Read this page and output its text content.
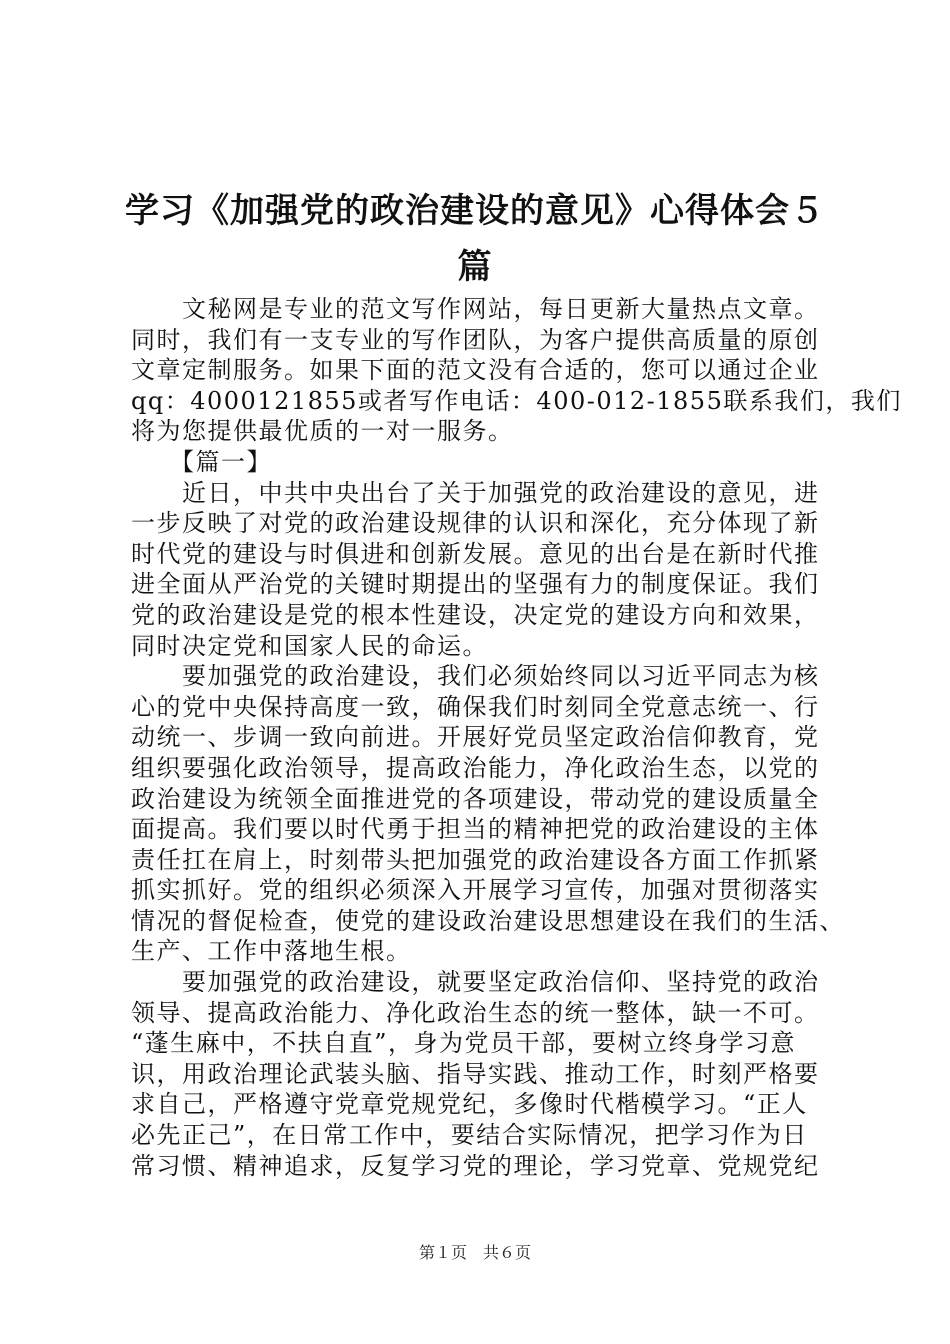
学习《加强党的政治建设的意见》心得体会５
篇
　　文秘网是专业的范文写作网站，每日更新大量热点文章。
同时，我们有一支专业的写作团队，为客户提供高质量的原创
文章定制服务。如果下面的范文没有合适的，您可以通过企业
qq：4000121855或者写作电话：400-012-1855联系我们，我们
将为您提供最优质的一对一服务。
　　【篇一】
　　近日，中共中央出台了关于加强党的政治建设的意见，进
一步反映了对党的政治建设规律的认识和深化，充分体现了新
时代党的建设与时俱进和创新发展。意见的出台是在新时代推
进全面从严治党的关键时期提出的坚强有力的制度保证。我们
党的政治建设是党的根本性建设，决定党的建设方向和效果，
同时决定党和国家人民的命运。
　　要加强党的政治建设，我们必须始终同以习近平同志为核
心的党中央保持高度一致，确保我们时刻同全党意志统一、行
动统一、步调一致向前进。开展好党员坚定政治信仰教育，党
组织要强化政治领导，提高政治能力，净化政治生态，以党的
政治建设为统领全面推进党的各项建设，带动党的建设质量全
面提高。我们要以时代勇于担当的精神把党的政治建设的主体
责任扛在肩上，时刻带头把加强党的政治建设各方面工作抓紧
抓实抓好。党的组织必须深入开展学习宣传，加强对贯彻落实
情况的督促检查，使党的建设政治建设思想建设在我们的生活、
生产、工作中落地生根。
　　要加强党的政治建设，就要坚定政治信仰、坚持党的政治
领导、提高政治能力、净化政治生态的统一整体，缺一不可。
“蓬生麻中，不扶自直”，身为党员干部，要树立终身学习意
识，用政治理论武装头脑、指导实践、推动工作，时刻严格要
求自己，严格遵守党章党规党纪，多像时代楷模学习。“正人
必先正己”，在日常工作中，要结合实际情况，把学习作为日
常习惯、精神追求，反复学习党的理论，学习党章、党规党纪
第１页　共６页
